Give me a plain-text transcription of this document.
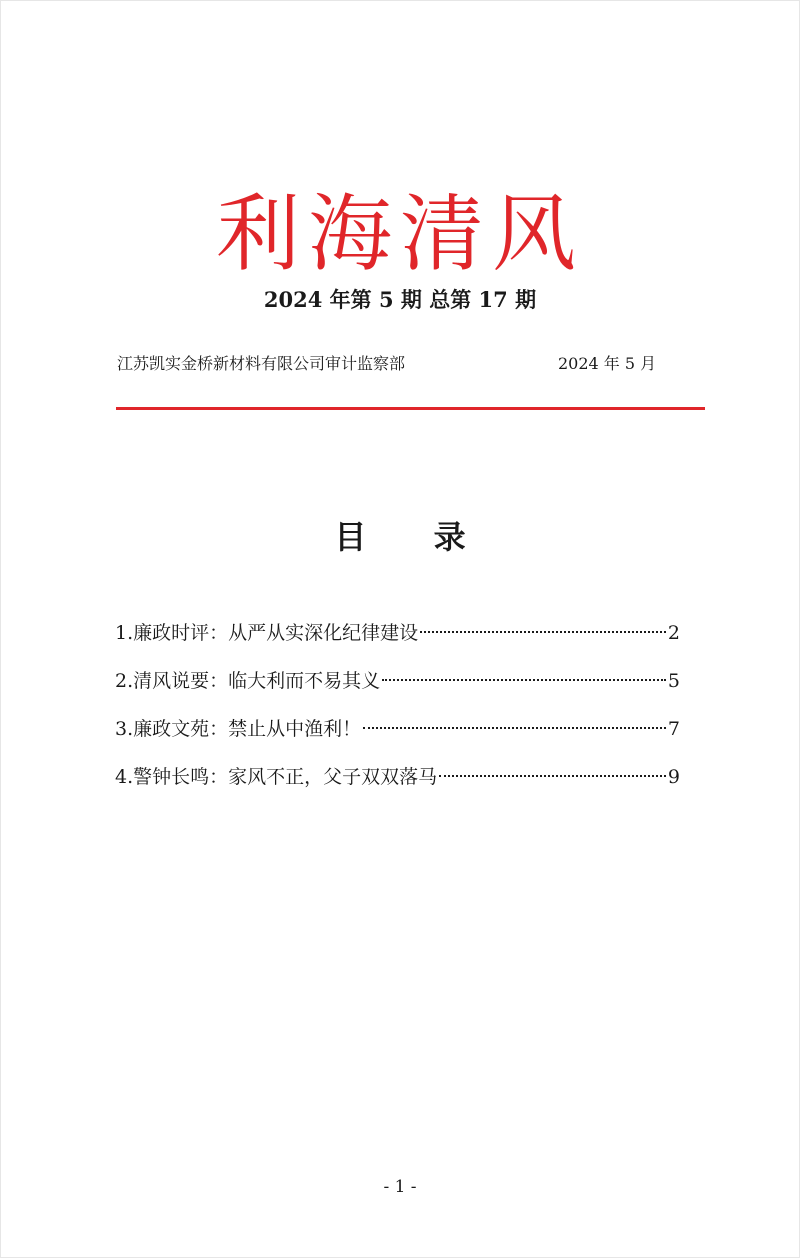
利海清风
2024 年第 5 期 总第 17 期
江苏凯实金桥新材料有限公司审计监察部	2024 年 5 月
目 录
1.廉政时评：从严从实深化纪律建设	2
2.清风说要：临大利而不易其义	5
3.廉政文苑：禁止从中渔利！	7
4.警钟长鸣：家风不正，父子双双落马	9
- 1 -
